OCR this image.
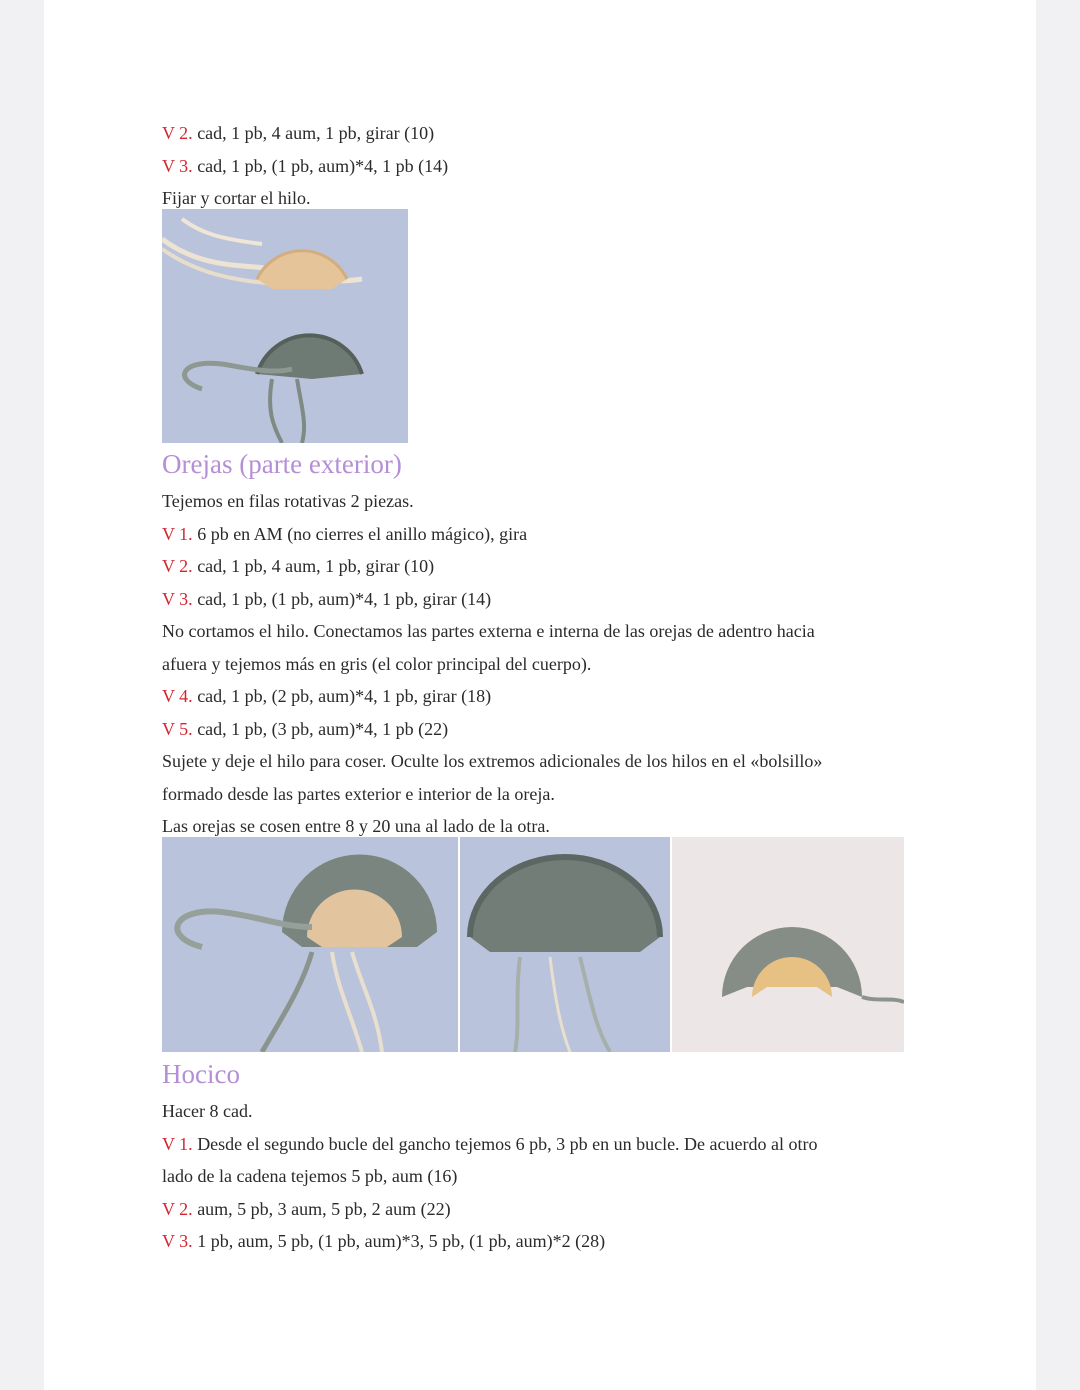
V 2. cad, 1 pb, 4 aum, 1 pb, girar (10)
V 3. cad, 1 pb, (1 pb, aum)*4, 1 pb (14)
Fijar y cortar el hilo.
Orejas (parte exterior)
Tejemos en filas rotativas 2 piezas.
V 1. 6 pb en AM (no cierres el anillo mágico), gira
V 2. cad, 1 pb, 4 aum, 1 pb, girar (10)
V 3. cad, 1 pb, (1 pb, aum)*4, 1 pb, girar (14)
No cortamos el hilo. Conectamos las partes externa e interna de las orejas de adentro hacia
afuera y tejemos más en gris (el color principal del cuerpo).
V 4. cad, 1 pb, (2 pb, aum)*4, 1 pb, girar (18)
V 5. cad, 1 pb, (3 pb, aum)*4, 1 pb (22)
Sujete y deje el hilo para coser. Oculte los extremos adicionales de los hilos en el «bolsillo»
formado desde las partes exterior e interior de la oreja.
Las orejas se cosen entre 8 y 20 una al lado de la otra.
Hocico
Hacer 8 cad.
V 1. Desde el segundo bucle del gancho tejemos 6 pb, 3 pb en un bucle. De acuerdo al otro
lado de la cadena tejemos 5 pb, aum (16)
V 2. aum, 5 pb, 3 aum, 5 pb, 2 aum (22)
V 3. 1 pb, aum, 5 pb, (1 pb, aum)*3, 5 pb, (1 pb, aum)*2 (28)
